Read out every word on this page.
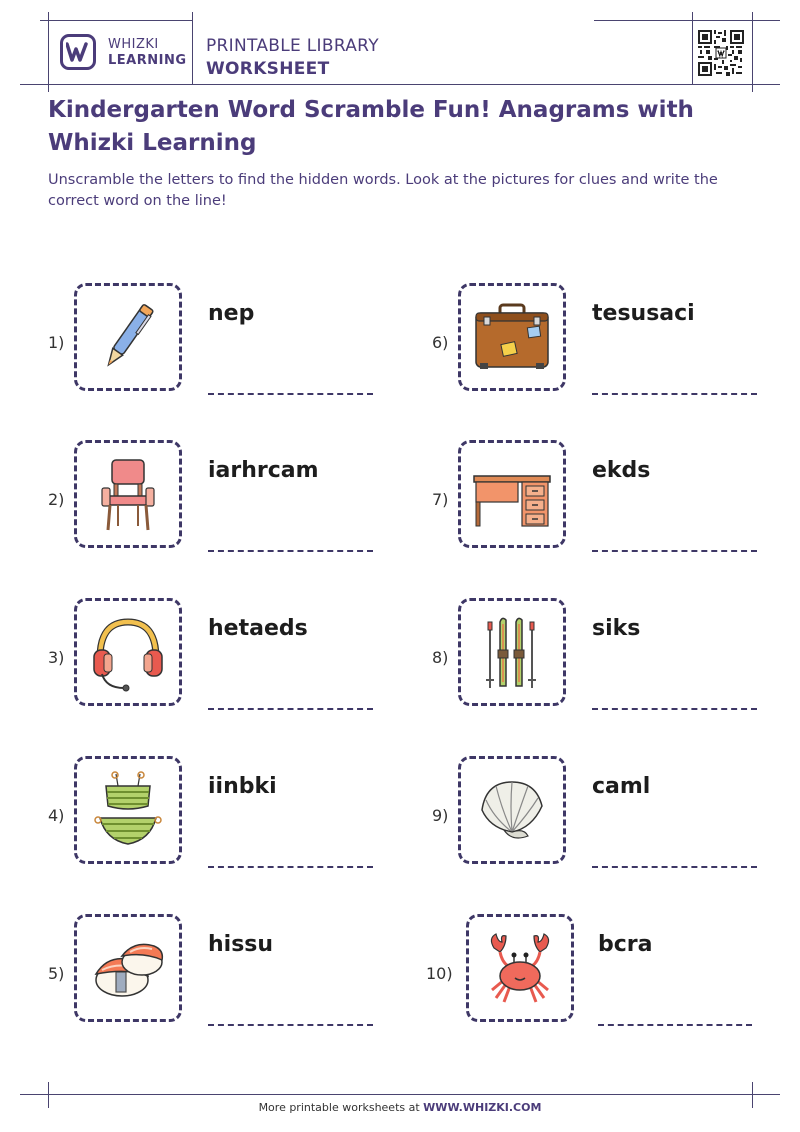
WHIZKI
LEARNING
PRINTABLE LIBRARY
WORKSHEET
Kindergarten Word Scramble Fun! Anagrams with Whizki Learning

Unscramble the letters to find the hidden words. Look at the pictures for clues and write the correct word on the line!

1)
nep
2)
iarhrcam
3)
hetaeds
4)
iinbki
5)
hissu
6)
tesusaci
7)
ekds
8)
siks
9)
caml
10)
bcra
More printable worksheets at WWW.WHIZKI.COM
